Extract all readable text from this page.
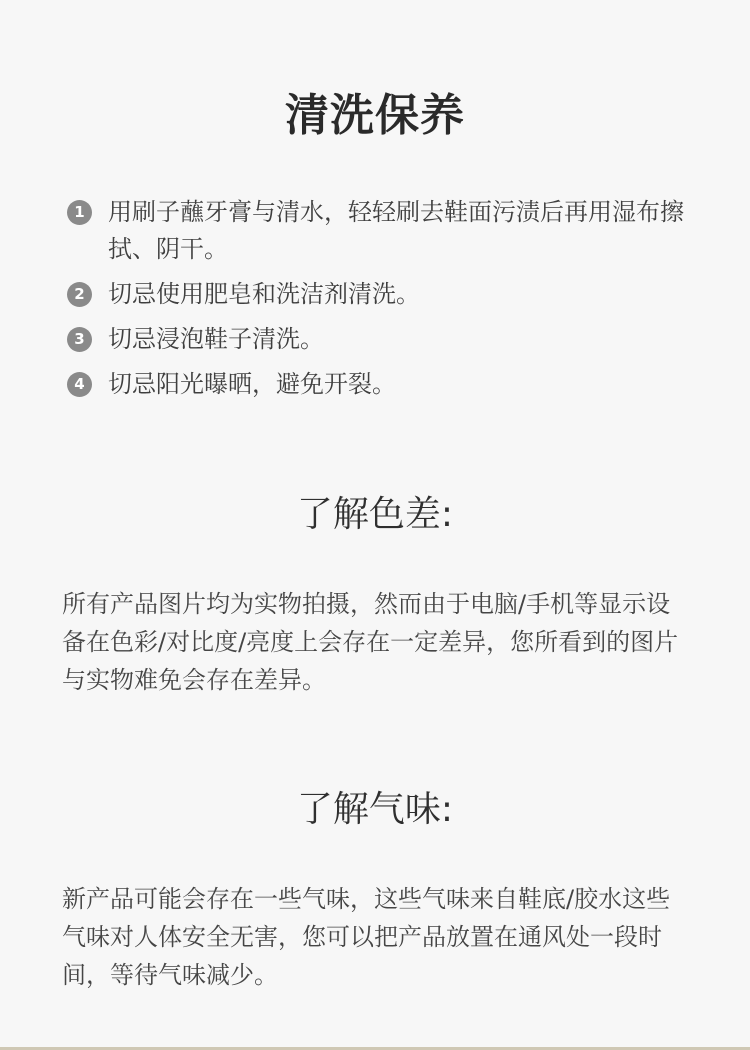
清洗保养
1 用刷子蘸牙膏与清水，轻轻刷去鞋面污渍后再用湿布擦拭、阴干。
2 切忌使用肥皂和洗洁剂清洗。
3 切忌浸泡鞋子清洗。
4 切忌阳光曝晒，避免开裂。
了解色差:

所有产品图片均为实物拍摄，然而由于电脑/手机等显示设备在色彩/对比度/亮度上会存在一定差异，您所看到的图片与实物难免会存在差异。

了解气味:

新产品可能会存在一些气味，这些气味来自鞋底/胶水这些气味对人体安全无害，您可以把产品放置在通风处一段时间，等待气味减少。
